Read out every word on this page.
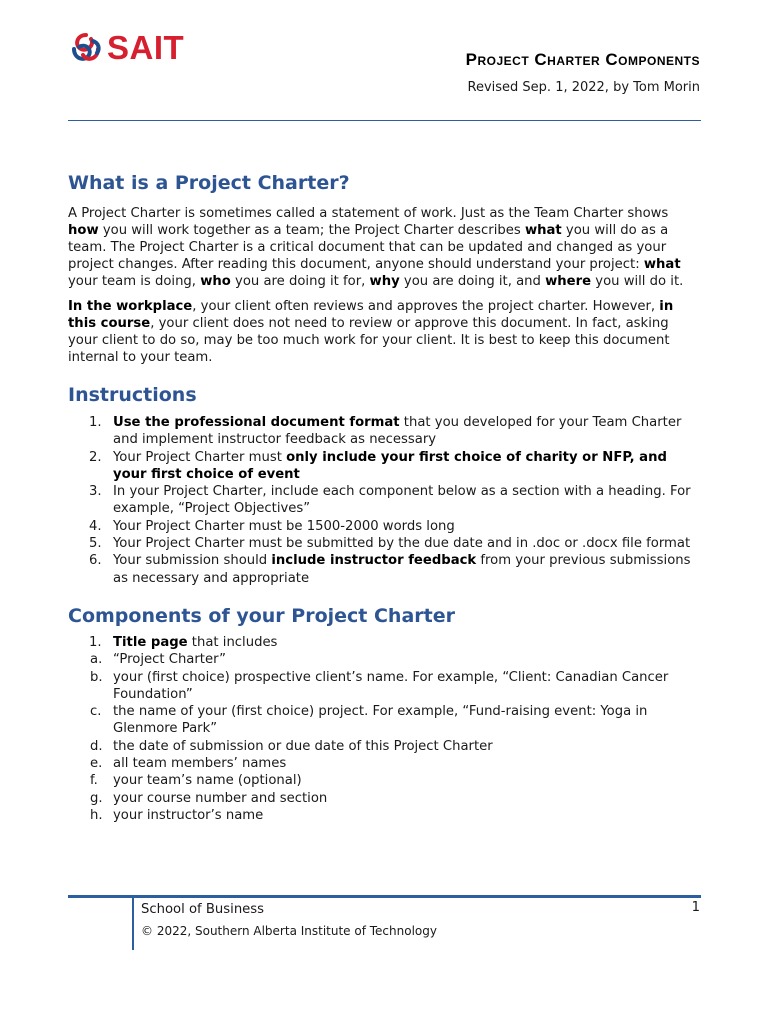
SAIT	Project Charter Components
Revised Sep. 1, 2022, by Tom Morin
What is a Project Charter?

A Project Charter is sometimes called a statement of work. Just as the Team Charter shows how you will work together as a team; the Project Charter describes what you will do as a team. The Project Charter is a critical document that can be updated and changed as your project changes. After reading this document, anyone should understand your project: what your team is doing, who you are doing it for, why you are doing it, and where you will do it.

In the workplace, your client often reviews and approves the project charter. However, in this course, your client does not need to review or approve this document. In fact, asking your client to do so, may be too much work for your client. It is best to keep this document internal to your team.

Instructions
1. Use the professional document format that you developed for your Team Charter and implement instructor feedback as necessary
2. Your Project Charter must only include your first choice of charity or NFP, and your first choice of event
3. In your Project Charter, include each component below as a section with a heading. For example, “Project Objectives”
4. Your Project Charter must be 1500-2000 words long
5. Your Project Charter must be submitted by the due date and in .doc or .docx file format
6. Your submission should include instructor feedback from your previous submissions as necessary and appropriate
Components of your Project Charter
1. Title page that includes
a. “Project Charter”
b. your (first choice) prospective client’s name. For example, “Client: Canadian Cancer Foundation”
c. the name of your (first choice) project. For example, “Fund-raising event: Yoga in Glenmore Park”
d. the date of submission or due date of this Project Charter
e. all team members’ names
f.	your team’s name (optional)
g. your course number and section
h. your instructor’s name
School of Business
© 2022, Southern Alberta Institute of Technology
1
